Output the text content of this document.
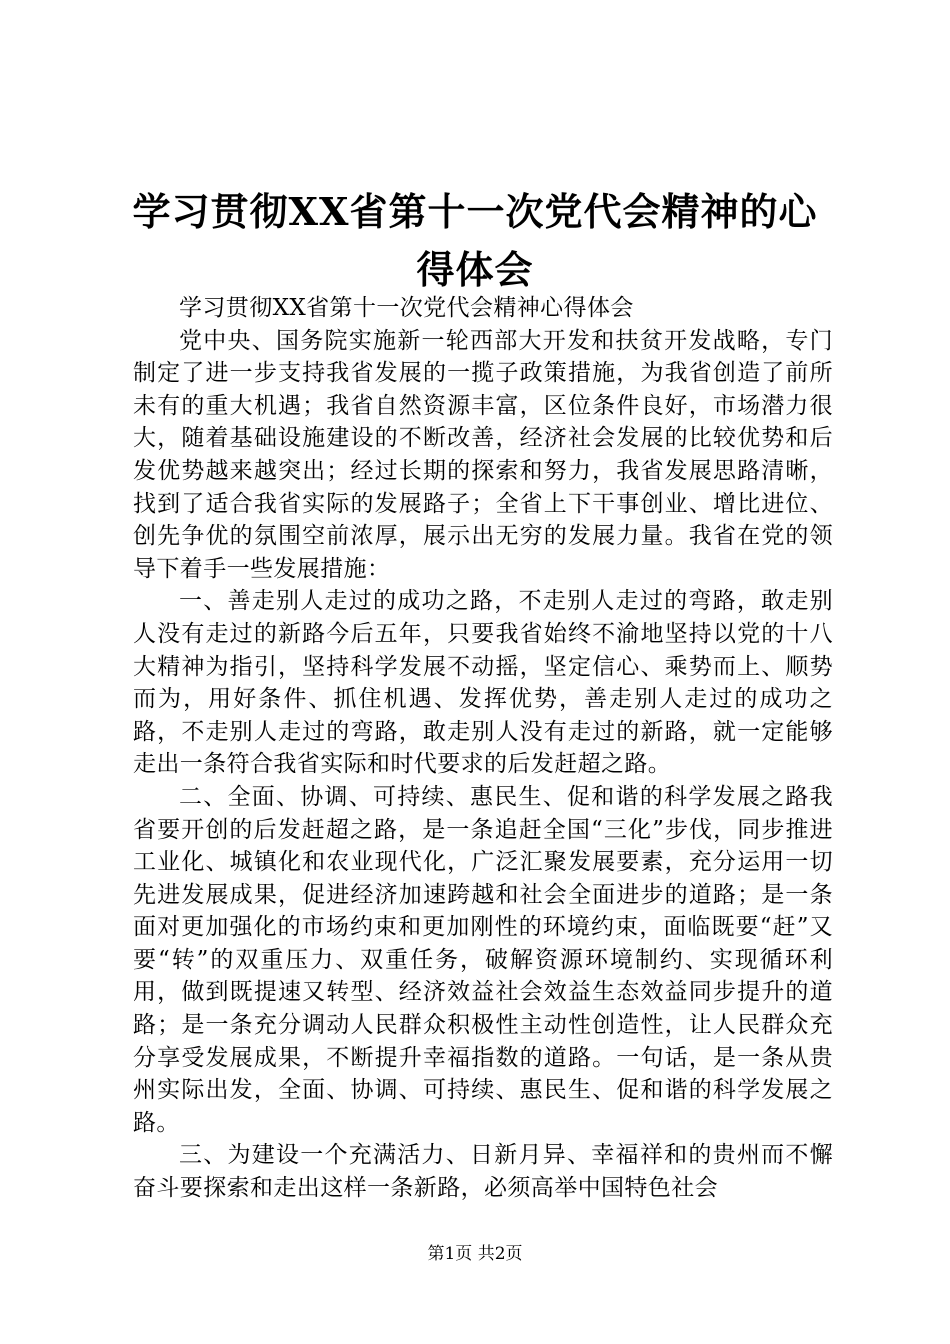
学习贯彻XX省第十一次党代会精神的心得体会

学习贯彻XX省第十一次党代会精神心得体会

党中央、国务院实施新一轮西部大开发和扶贫开发战略，专门制定了进一步支持我省发展的一揽子政策措施，为我省创造了前所未有的重大机遇；我省自然资源丰富，区位条件良好，市场潜力很大，随着基础设施建设的不断改善，经济社会发展的比较优势和后发优势越来越突出；经过长期的探索和努力，我省发展思路清晰，找到了适合我省实际的发展路子；全省上下干事创业、增比进位、创先争优的氛围空前浓厚，展示出无穷的发展力量。我省在党的领导下着手一些发展措施：

一、善走别人走过的成功之路，不走别人走过的弯路，敢走别人没有走过的新路今后五年，只要我省始终不渝地坚持以党的十八大精神为指引，坚持科学发展不动摇，坚定信心、乘势而上、顺势而为，用好条件、抓住机遇、发挥优势，善走别人走过的成功之路，不走别人走过的弯路，敢走别人没有走过的新路，就一定能够走出一条符合我省实际和时代要求的后发赶超之路。

二、全面、协调、可持续、惠民生、促和谐的科学发展之路我省要开创的后发赶超之路，是一条追赶全国“三化”步伐，同步推进工业化、城镇化和农业现代化，广泛汇聚发展要素，充分运用一切先进发展成果，促进经济加速跨越和社会全面进步的道路；是一条面对更加强化的市场约束和更加刚性的环境约束，面临既要“赶”又要“转”的双重压力、双重任务，破解资源环境制约、实现循环利用，做到既提速又转型、经济效益社会效益生态效益同步提升的道路；是一条充分调动人民群众积极性主动性创造性，让人民群众充分享受发展成果，不断提升幸福指数的道路。一句话，是一条从贵州实际出发，全面、协调、可持续、惠民生、促和谐的科学发展之路。

三、为建设一个充满活力、日新月异、幸福祥和的贵州而不懈奋斗要探索和走出这样一条新路，必须高举中国特色社会

第1页 共2页
